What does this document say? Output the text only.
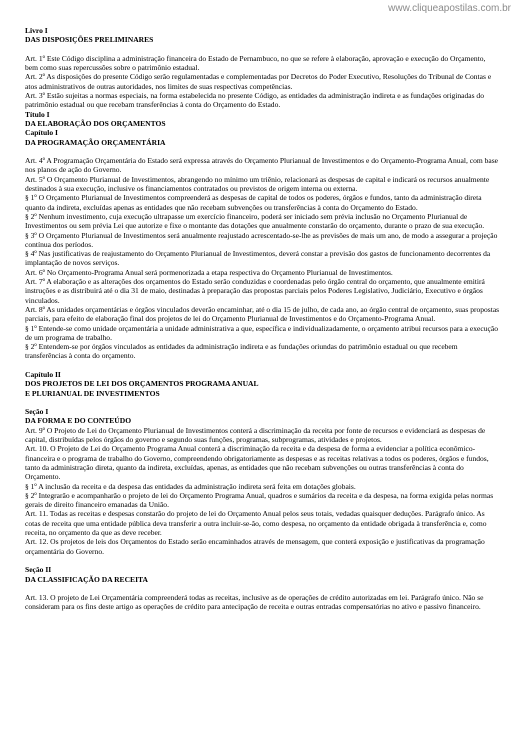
www.cliqueapostilas.com.br

Livro I

DAS DISPOSIÇÕES PRELIMINARES

Art. 1º Este Código disciplina a administração financeira do Estado de Pernambuco, no que se refere à elaboração, aprovação e execução do Orçamento, bem como suas repercussões sobre o patrimônio estadual.

Art. 2º As disposições do presente Código serão regulamentadas e complementadas por Decretos do Poder Executivo, Resoluções do Tribunal de Contas e atos administrativos de outras autoridades, nos limites de suas respectivas competências.

Art. 3º Estão sujeitas a normas especiais, na forma estabelecida no presente Código, as entidades da administração indireta e as fundações originadas do patrimônio estadual ou que recebam transferências à conta do Orçamento do Estado.

Título I

DA ELABORAÇÃO DOS ORÇAMENTOS

Capítulo I

DA PROGRAMAÇÃO ORÇAMENTÁRIA

Art. 4º A Programação Orçamentária do Estado será expressa através do Orçamento Plurianual de Investimentos e do Orçamento-Programa Anual, com base nos planos de ação do Governo.

Art. 5º O Orçamento Plurianual de Investimentos, abrangendo no mínimo um triênio, relacionará as despesas de capital e indicará os recursos anualmente destinados à sua execução, inclusive os financiamentos contratados ou previstos de origem interna ou externa.

§ 1º O Orçamento Plurianual de Investimentos compreenderá as despesas de capital de todos os poderes, órgãos e fundos, tanto da administração direta quanto da indireta, excluídas apenas as entidades que não recebam subvenções ou transferências à conta do Orçamento do Estado.

§ 2º Nenhum investimento, cuja execução ultrapasse um exercício financeiro, poderá ser iniciado sem prévia inclusão no Orçamento Plurianual de Investimentos ou sem prévia Lei que autorize e fixe o montante das dotações que anualmente constarão do orçamento, durante o prazo de sua execução.

§ 3º O Orçamento Plurianual de Investimentos será anualmente reajustado acrescentado-se-lhe as previsões de mais um ano, de modo a assegurar a projeção contínua dos períodos.

§ 4º Nas justificativas de reajustamento do Orçamento Plurianual de Investimentos, deverá constar a previsão dos gastos de funcionamento decorrentes da implantação de novos serviços.

Art. 6º No Orçamento-Programa Anual será pormenorizada a etapa respectiva do Orçamento Plurianual de Investimentos.

Art. 7º A elaboração e as alterações dos orçamentos do Estado serão conduzidas e coordenadas pelo órgão central do orçamento, que anualmente emitirá instruções e as distribuirá até o dia 31 de maio, destinadas à preparação das propostas parciais pelos Poderes Legislativo, Judiciário, Executivo e órgãos vinculados.

Art. 8º As unidades orçamentárias e órgãos vinculados deverão encaminhar, até o dia 15 de julho, de cada ano, ao órgão central de orçamento, suas propostas parciais, para efeito de elaboração final dos projetos de lei do Orçamento Plurianual de Investimentos e do Orçamento-Programa Anual.

§ 1º Entende-se como unidade orçamentária a unidade administrativa a que, específica e individualizadamente, o orçamento atribui recursos para a execução de um programa de trabalho.

§ 2º Entendem-se por órgãos vinculados as entidades da administração indireta e as fundações oriundas do patrimônio estadual ou que recebem transferências à conta do orçamento.

Capítulo II

DOS PROJETOS DE LEI DOS ORÇAMENTOS PROGRAMA ANUAL

E PLURIANUAL DE INVESTIMENTOS

Seção I

DA FORMA E DO CONTEÚDO

Art. 9º O Projeto de Lei do Orçamento Plurianual de Investimentos conterá a discriminação da receita por fonte de recursos e evidenciará as despesas de capital, distribuídas pelos órgãos do governo e segundo suas funções, programas, subprogramas, atividades e projetos.

Art. 10. O Projeto de Lei do Orçamento Programa Anual conterá a discriminação da receita e da despesa de forma a evidenciar a política econômico-financeira e o programa de trabalho do Governo, compreendendo obrigatoriamente as despesas e as receitas relativas a todos os poderes, órgãos e fundos, tanto da administração direta, quanto da indireta, excluídas, apenas, as entidades que não recebam subvenções ou outras transferências à conta do Orçamento.

§ 1º A inclusão da receita e da despesa das entidades da administração indireta será feita em dotações globais.

§ 2º Integrarão e acompanharão o projeto de lei do Orçamento Programa Anual, quadros e sumários da receita e da despesa, na forma exigida pelas normas gerais de direito financeiro emanadas da União.

Art. 11. Todas as receitas e despesas constarão do projeto de lei do Orçamento Anual pelos seus totais, vedadas quaisquer deduções. Parágrafo único. As cotas de receita que uma entidade pública deva transferir a outra incluir-se-ão, como despesa, no orçamento da entidade obrigada à transferência e, como receita, no orçamento da que as deve receber.

Art. 12. Os projetos de leis dos Orçamentos do Estado serão encaminhados através de mensagem, que conterá exposição e justificativas da programação orçamentária do Governo.

Seção II

DA CLASSIFICAÇÃO DA RECEITA

Art. 13. O projeto de Lei Orçamentária compreenderá todas as receitas, inclusive as de operações de crédito autorizadas em lei. Parágrafo único. Não se consideram para os fins deste artigo as operações de crédito para antecipação de receita e outras entradas compensatórias no ativo e passivo financeiro.
